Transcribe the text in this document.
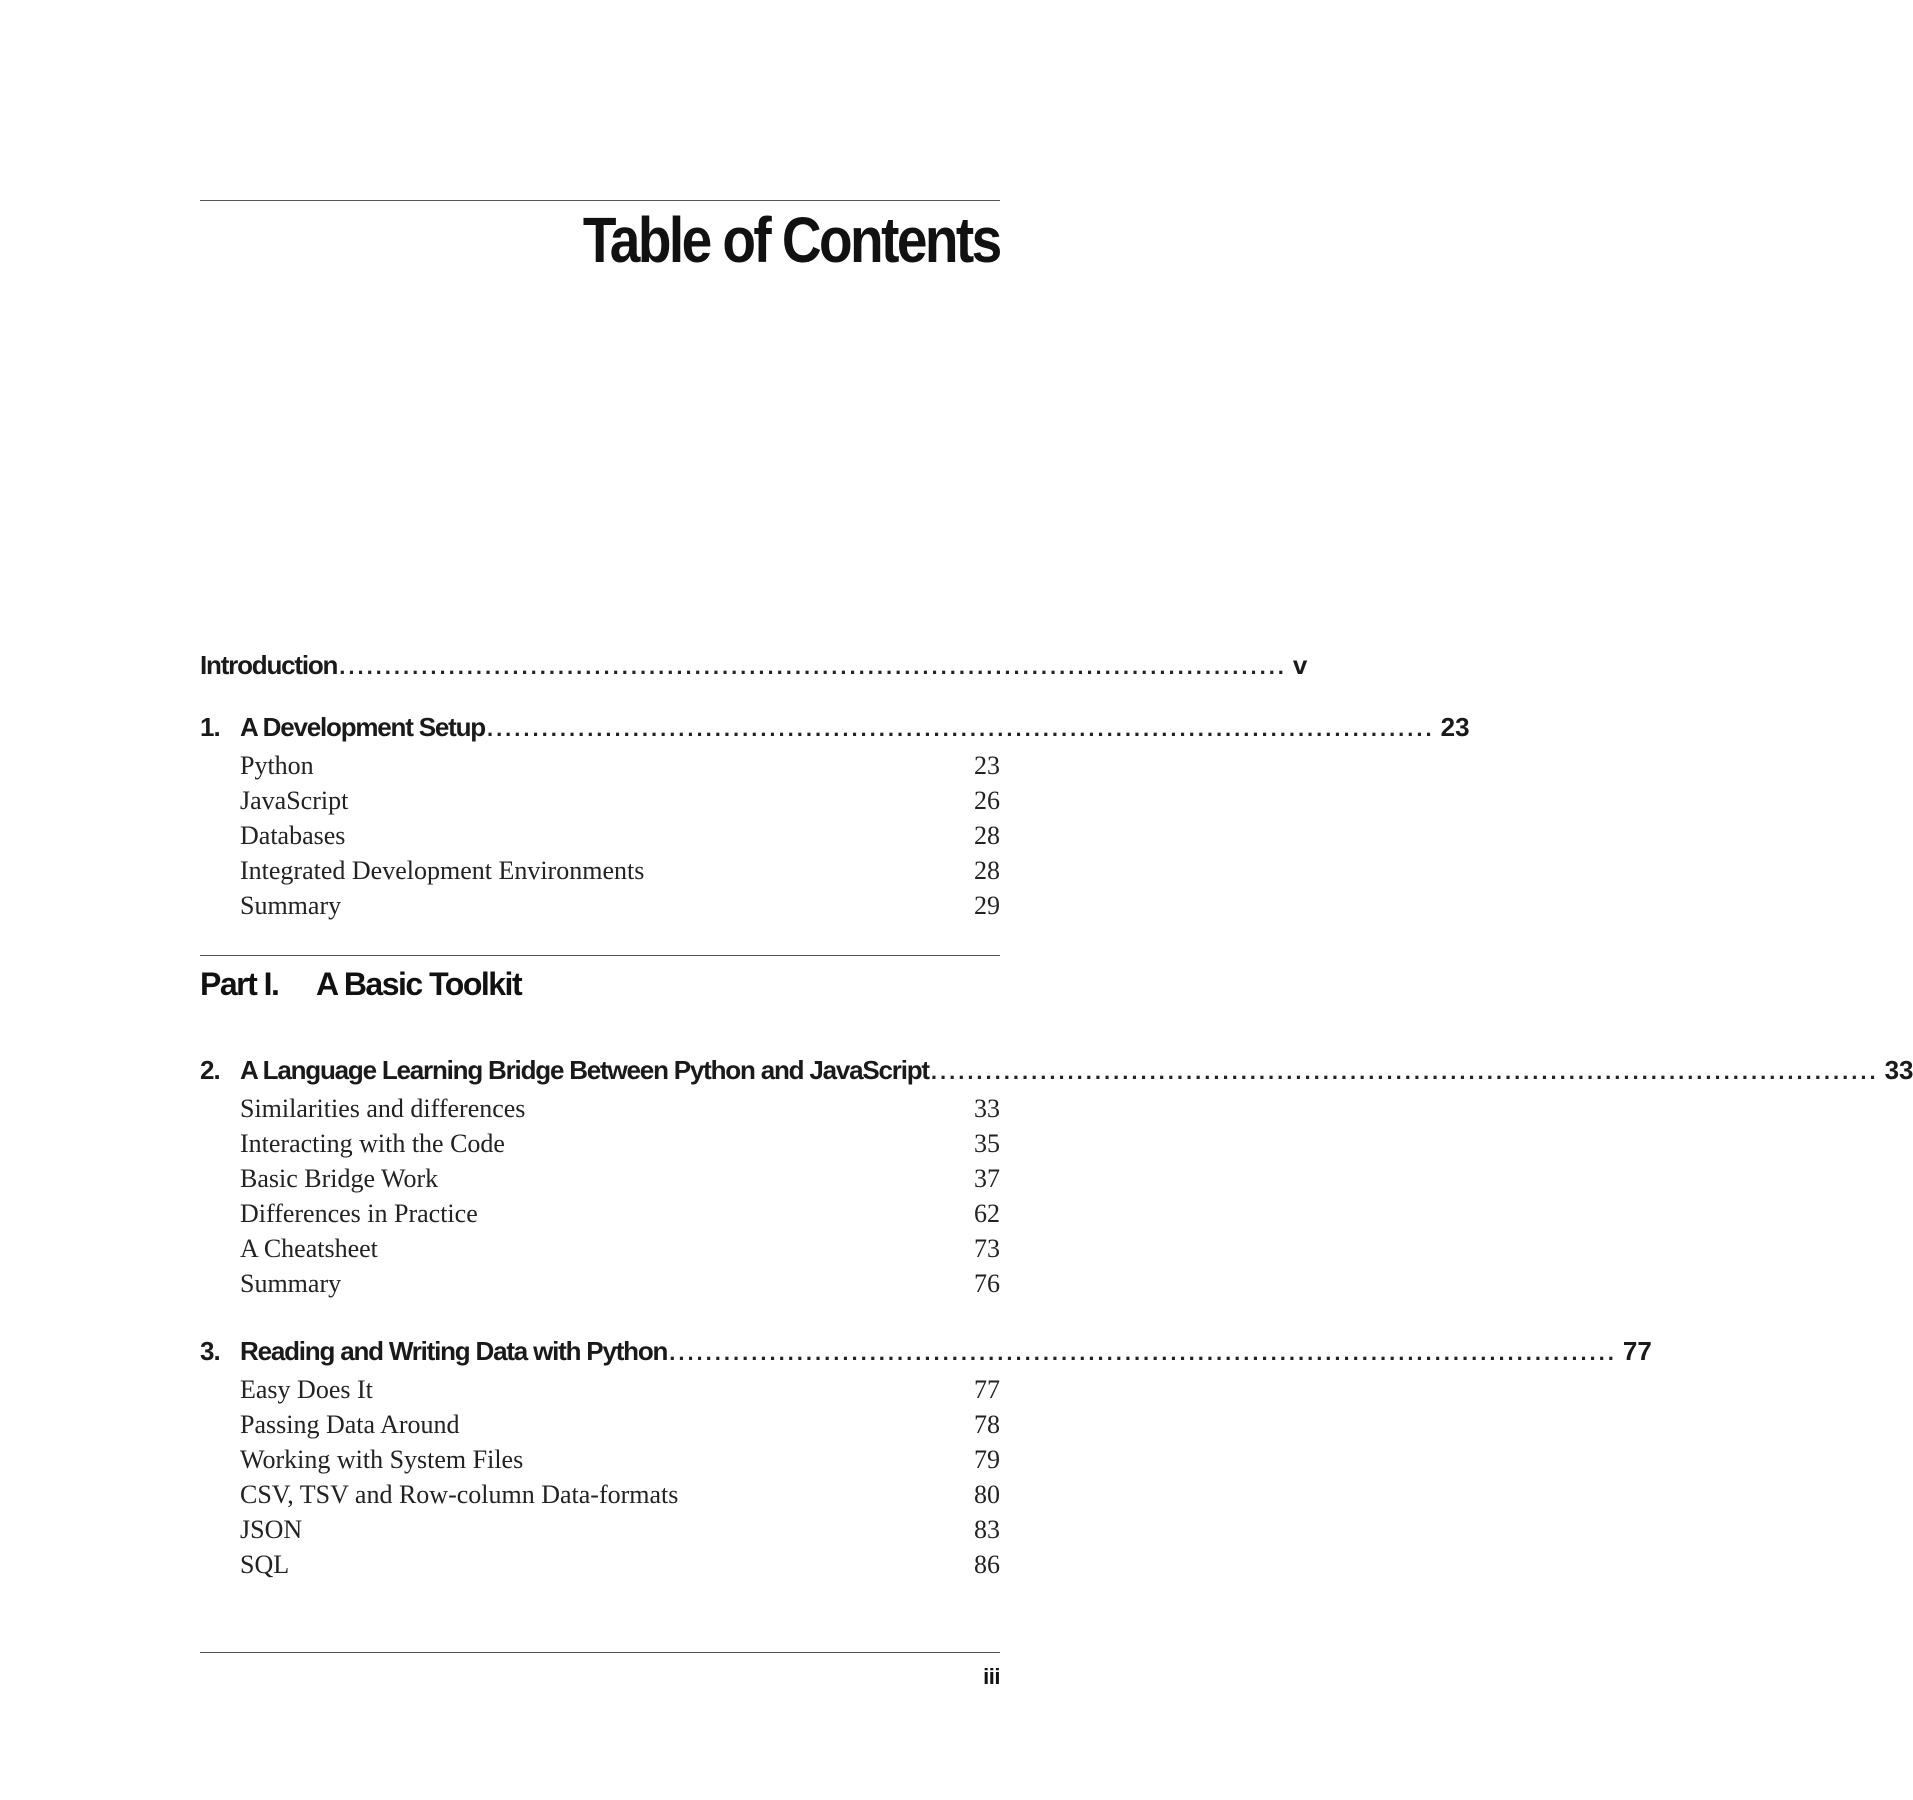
Table of Contents
Introduction ........................................................................................................ v
1. A Development Setup ........................................................................................................ 23
Python	23
JavaScript	26
Databases	28
Integrated Development Environments	28
Summary	29
Part I. A Basic Toolkit
2. A Language Learning Bridge Between Python and JavaScript ........................................................................................................ 33
Similarities and differences	33
Interacting with the Code	35
Basic Bridge Work	37
Differences in Practice	62
A Cheatsheet	73
Summary	76
3. Reading and Writing Data with Python ........................................................................................................ 77
Easy Does It	77
Passing Data Around	78
Working with System Files	79
CSV, TSV and Row-column Data-formats	80
JSON	83
SQL	86
iii
